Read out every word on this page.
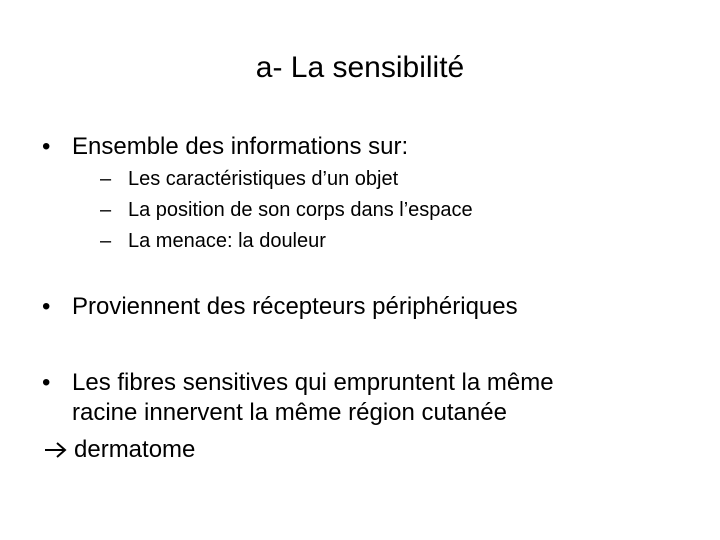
a- La sensibilité
• Ensemble des informations sur:
– Les caractéristiques d’un objet
– La position de son corps dans l’espace
– La menace: la douleur
• Proviennent des récepteurs périphériques
• Les fibres sensitives qui empruntent la même
racine innervent la même région cutanée
dermatome
